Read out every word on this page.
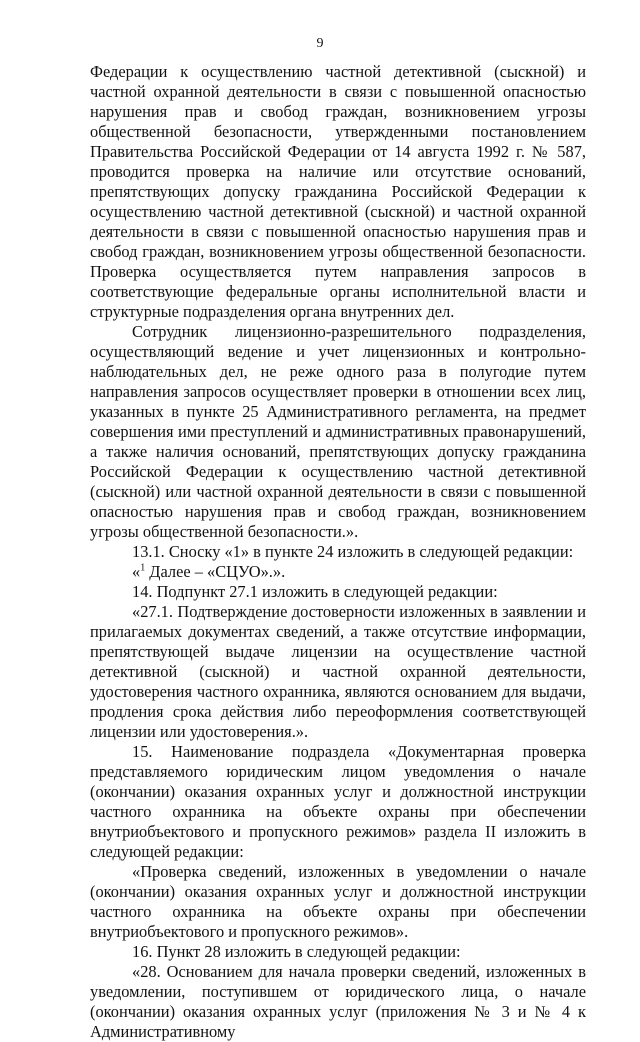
9

Федерации к осуществлению частной детективной (сыскной) и частной охранной деятельности в связи с повышенной опасностью нарушения прав и свобод граждан, возникновением угрозы общественной безопасности, утвержденными постановлением Правительства Российской Федерации от 14 августа 1992 г. № 587, проводится проверка на наличие или отсутствие оснований, препятствующих допуску гражданина Российской Федерации к осуществлению частной детективной (сыскной) и частной охранной деятельности в связи с повышенной опасностью нарушения прав и свобод граждан, возникновением угрозы общественной безопасности. Проверка осуществляется путем направления запросов в соответствующие федеральные органы исполнительной власти и структурные подразделения органа внутренних дел.

Сотрудник лицензионно-разрешительного подразделения, осуществляющий ведение и учет лицензионных и контрольно-наблюдательных дел, не реже одного раза в полугодие путем направления запросов осуществляет проверки в отношении всех лиц, указанных в пункте 25 Административного регламента, на предмет совершения ими преступлений и административных правонарушений, а также наличия оснований, препятствующих допуску гражданина Российской Федерации к осуществлению частной детективной (сыскной) или частной охранной деятельности в связи с повышенной опасностью нарушения прав и свобод граждан, возникновением угрозы общественной безопасности.».

13.1. Сноску «1» в пункте 24 изложить в следующей редакции:

«$^1$ Далее – «СЦУО».».

14. Подпункт 27.1 изложить в следующей редакции:

«27.1. Подтверждение достоверности изложенных в заявлении и прилагаемых документах сведений, а также отсутствие информации, препятствующей выдаче лицензии на осуществление частной детективной (сыскной) и частной охранной деятельности, удостоверения частного охранника, являются основанием для выдачи, продления срока действия либо переоформления соответствующей лицензии или удостоверения.».

15. Наименование подраздела «Документарная проверка представляемого юридическим лицом уведомления о начале (окончании) оказания охранных услуг и должностной инструкции частного охранника на объекте охраны при обеспечении внутриобъектового и пропускного режимов» раздела II изложить в следующей редакции:

«Проверка сведений, изложенных в уведомлении о начале (окончании) оказания охранных услуг и должностной инструкции частного охранника на объекте охраны при обеспечении внутриобъектового и пропускного режимов».

16. Пункт 28 изложить в следующей редакции:

«28. Основанием для начала проверки сведений, изложенных в уведомлении, поступившем от юридического лица, о начале (окончании) оказания охранных услуг (приложения № 3 и № 4 к Административному
